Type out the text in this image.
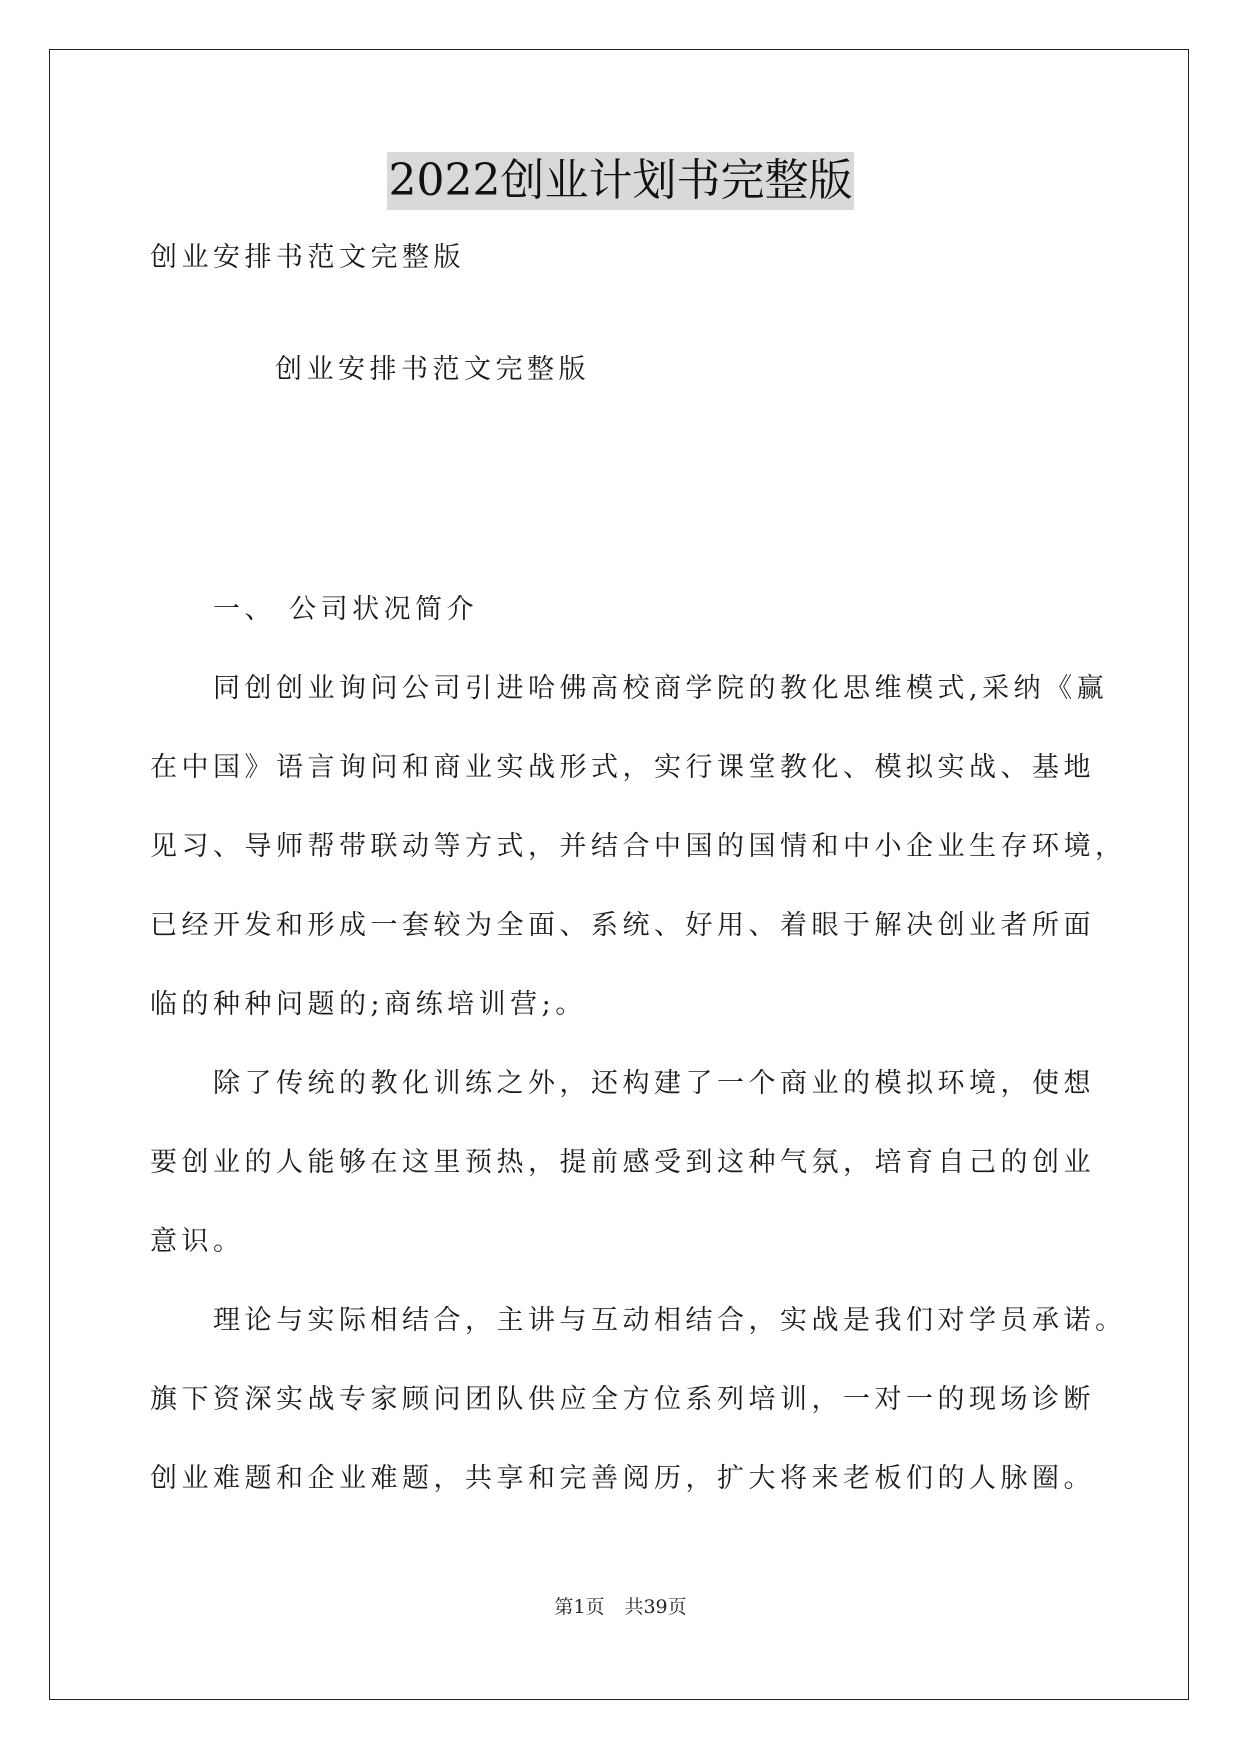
2022创业计划书完整版
创业安排书范文完整版
创业安排书范文完整版
一、 公司状况简介
同创创业询问公司引进哈佛高校商学院的教化思维模式,采纳《赢
在中国》语言询问和商业实战形式，实行课堂教化、模拟实战、基地
见习、导师帮带联动等方式，并结合中国的国情和中小企业生存环境，
已经开发和形成一套较为全面、系统、好用、着眼于解决创业者所面
临的种种问题的;商练培训营;。
除了传统的教化训练之外，还构建了一个商业的模拟环境，使想
要创业的人能够在这里预热，提前感受到这种气氛，培育自己的创业
意识。
理论与实际相结合，主讲与互动相结合，实战是我们对学员承诺。
旗下资深实战专家顾问团队供应全方位系列培训，一对一的现场诊断
创业难题和企业难题，共享和完善阅历，扩大将来老板们的人脉圈。
第1页 共39页
